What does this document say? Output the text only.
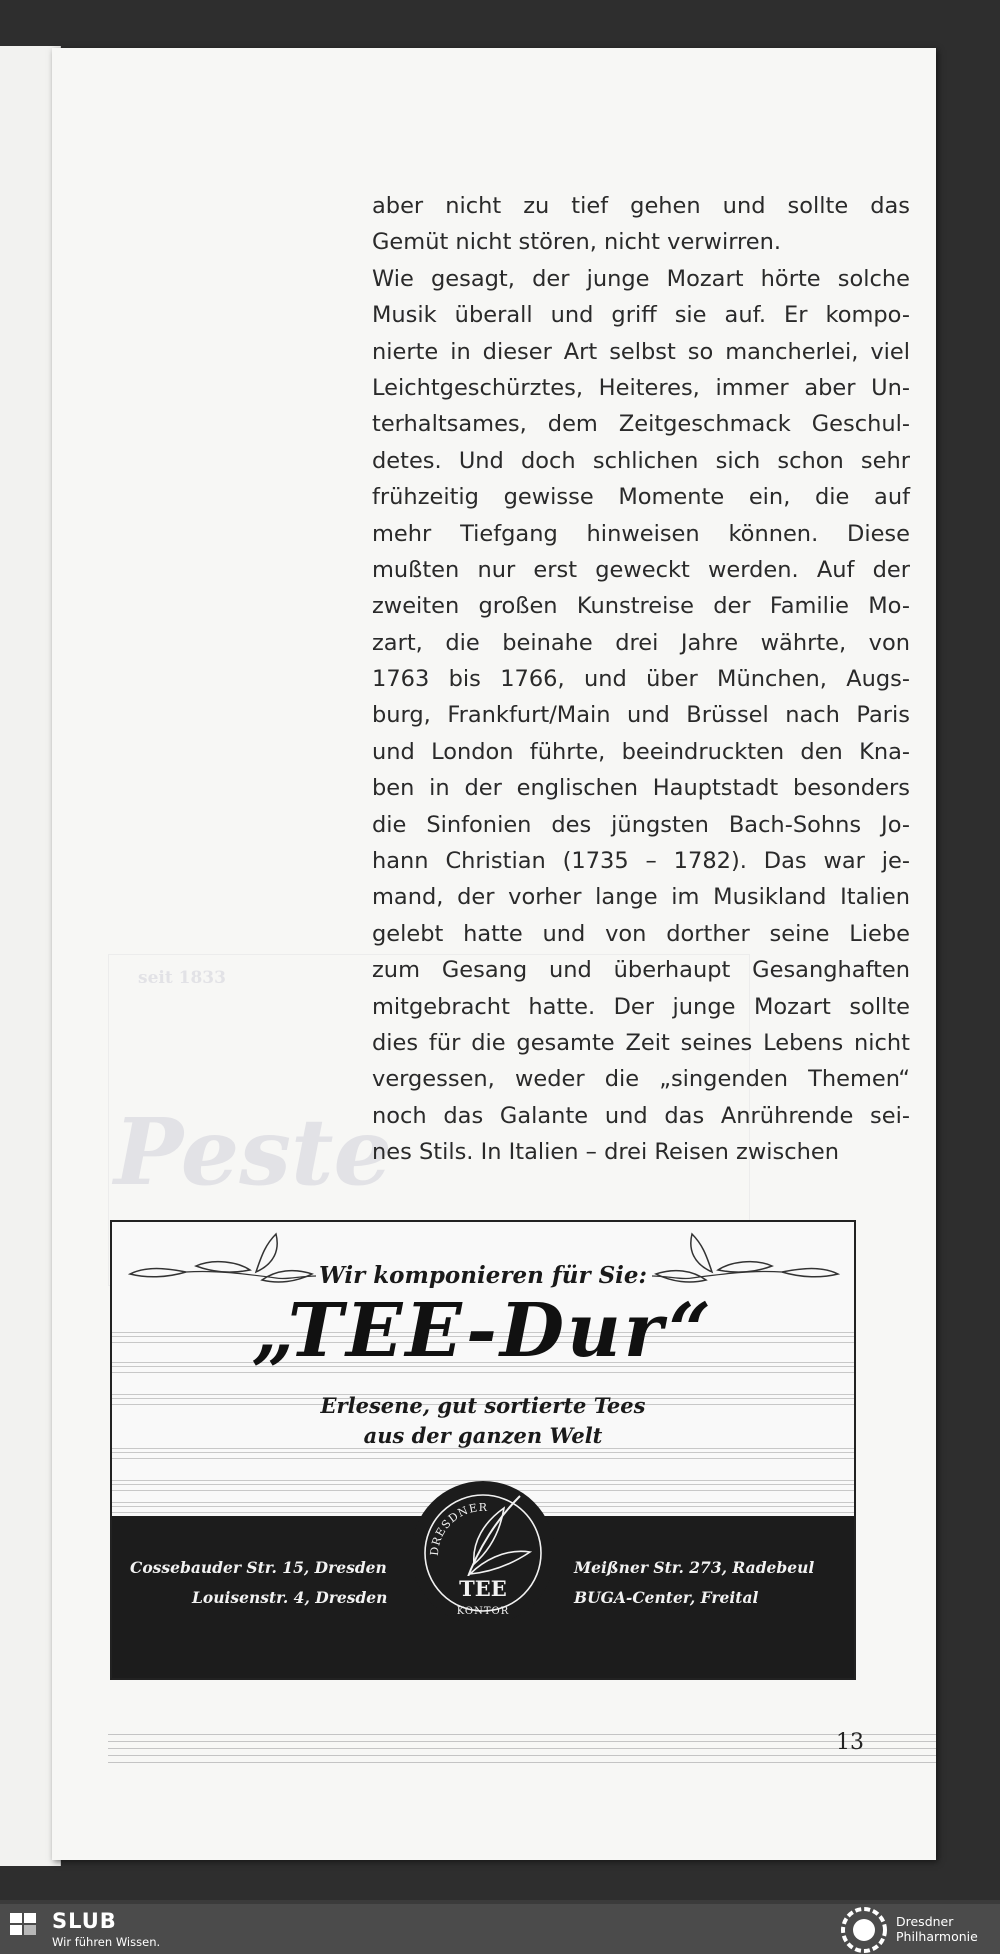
seit 1833
Peste
aber nicht zu tief gehen und sollte das
Gemüt nicht stören, nicht verwirren.
Wie gesagt, der junge Mozart hörte solche
Musik überall und griff sie auf. Er kompo-
nierte in dieser Art selbst so mancherlei, viel
Leichtgeschürztes, Heiteres, immer aber Un-
terhaltsames, dem Zeitgeschmack Geschul-
detes. Und doch schlichen sich schon sehr
frühzeitig gewisse Momente ein, die auf
mehr Tiefgang hinweisen können. Diese
mußten nur erst geweckt werden. Auf der
zweiten großen Kunstreise der Familie Mo-
zart, die beinahe drei Jahre währte, von
1763 bis 1766, und über München, Augs-
burg, Frankfurt/Main und Brüssel nach Paris
und London führte, beeindruckten den Kna-
ben in der englischen Hauptstadt besonders
die Sinfonien des jüngsten Bach-Sohns Jo-
hann Christian (1735 – 1782). Das war je-
mand, der vorher lange im Musikland Italien
gelebt hatte und von dorther seine Liebe
zum Gesang und überhaupt Gesanghaften
mitgebracht hatte. Der junge Mozart sollte
dies für die gesamte Zeit seines Lebens nicht
vergessen, weder die „singenden Themen“
noch das Galante und das Anrührende sei-
nes Stils. In Italien – drei Reisen zwischen
Wir komponieren für Sie:
„TEE-Dur“
Erlesene, gut sortierte Tees
aus der ganzen Welt
Cossebauder Str. 15, Dresden
Louisenstr. 4, Dresden
Meißner Str. 273, Radebeul
BUGA-Center, Freital
DRESDNER
TEE
KONTOR
13
SLUB
Wir führen Wissen.
Dresdner
Philharmonie
